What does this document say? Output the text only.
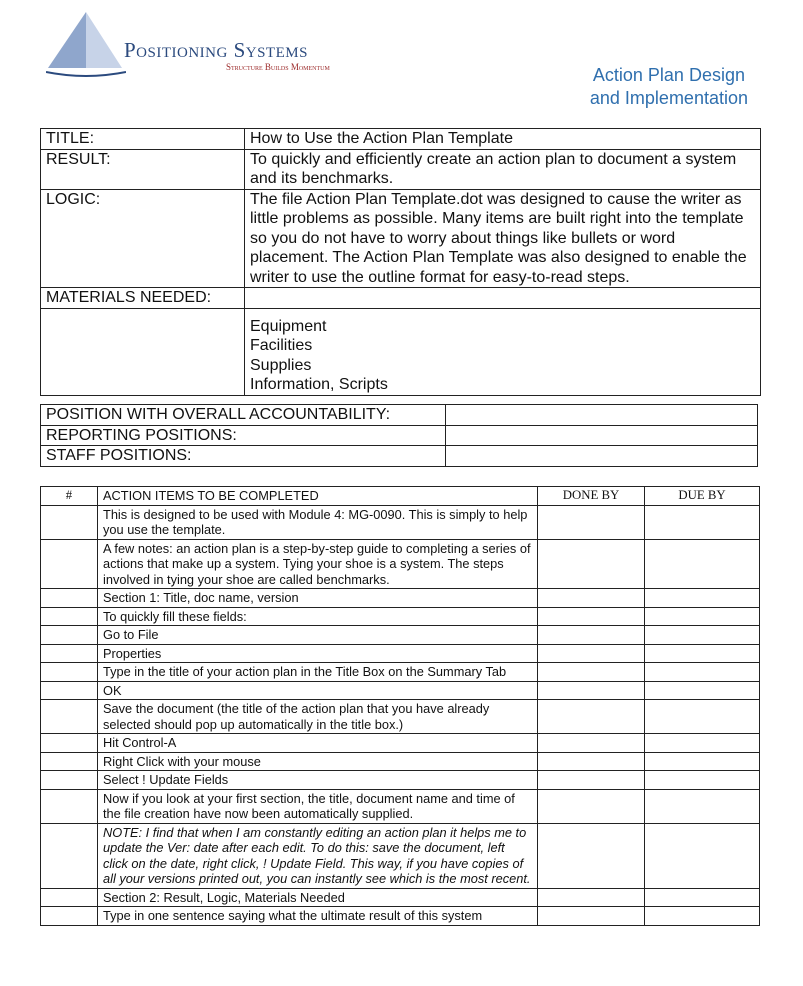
Positioning Systems
Structure Builds Momentum	Action Plan Design
and Implementation
TITLE:	How to Use the Action Plan Template
RESULT:	To quickly and efficiently create an action plan to document a system and its benchmarks.
LOGIC:	The file Action Plan Template.dot was designed to cause the writer as little problems as possible. Many items are built right into the template so you do not have to worry about things like bullets or word placement. The Action Plan Template was also designed to enable the writer to use the outline format for easy-to-read steps.
MATERIALS NEEDED:	

	Equipment
Facilities
Supplies
Information, Scripts
POSITION WITH OVERALL ACCOUNTABILITY:	
REPORTING POSITIONS:	
STAFF POSITIONS:	
#	ACTION ITEMS TO BE COMPLETED	DONE BY	DUE BY
	This is designed to be used with Module 4: MG-0090. This is simply to help you use the template.		
	A few notes: an action plan is a step-by-step guide to completing a series of actions that make up a system. Tying your shoe is a system. The steps involved in tying your shoe are called benchmarks.		
	Section 1: Title, doc name, version		
	To quickly fill these fields:		
	Go to File		
	Properties		
	Type in the title of your action plan in the Title Box on the Summary Tab		
	OK		
	Save the document (the title of the action plan that you have already selected should pop up automatically in the title box.)		
	Hit Control-A		
	Right Click with your mouse		
	Select ! Update Fields		
	Now if you look at your first section, the title, document name and time of the file creation have now been automatically supplied.		
	NOTE: I find that when I am constantly editing an action plan it helps me to update the Ver: date after each edit. To do this: save the document, left click on the date, right click, ! Update Field. This way, if you have copies of all your versions printed out, you can instantly see which is the most recent.		
	Section 2: Result, Logic, Materials Needed		
	Type in one sentence saying what the ultimate result of this system		
